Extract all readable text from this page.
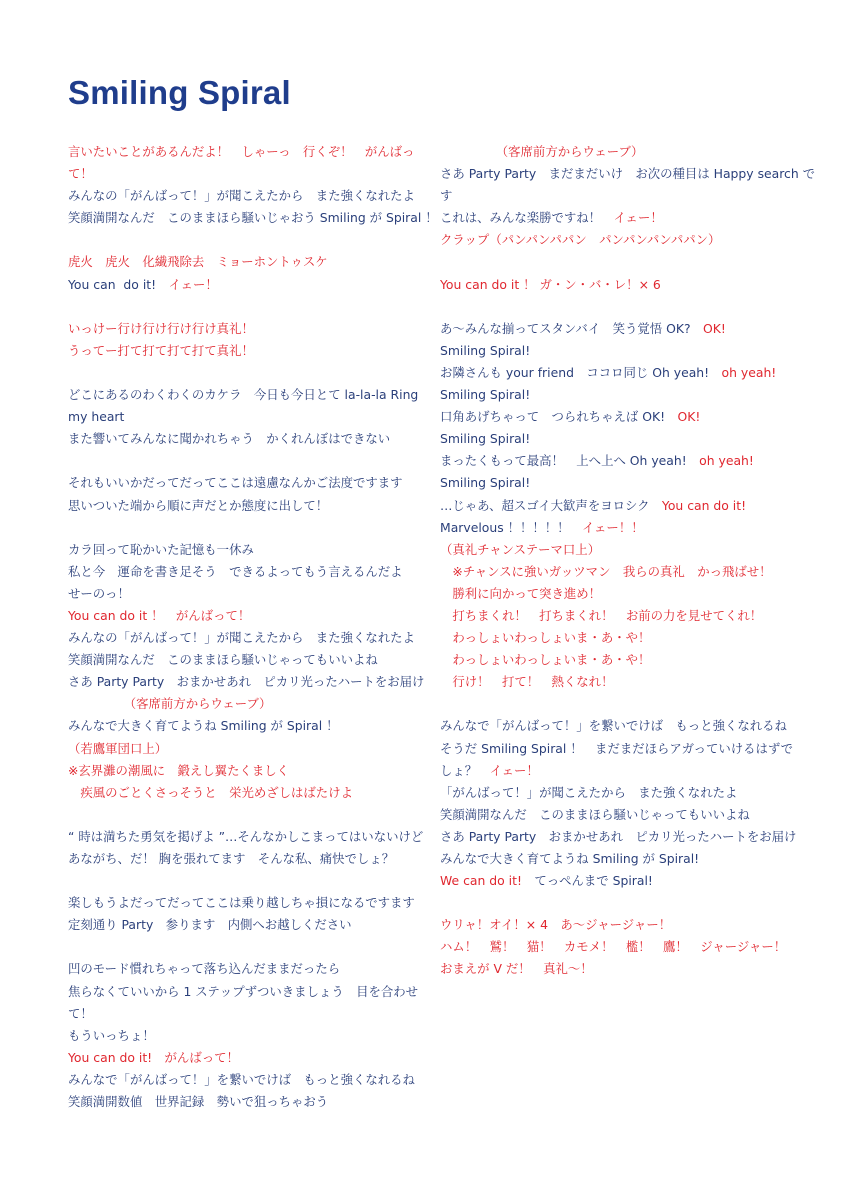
Smiling Spiral
言いたいことがあるんだよ！　しゃーっ　行くぞ！　がんばっ
て！
みんなの「がんばって！」が聞こえたから　また強くなれたよ
笑顔満開なんだ　このままほら騒いじゃおう Smiling が Spiral ！
虎火　虎火　化繊飛除去　ミョーホントゥスケ
You can  do it!　イェー！
いっけー行け行け行け行け真礼！
うってー打て打て打て打て真礼！
どこにあるのわくわくのカケラ　今日も今日とて la-la-la Ring
my heart
また響いてみんなに聞かれちゃう　かくれんぼはできない
それもいいかだってだってここは遠慮なんかご法度ですます
思いついた端から順に声だとか態度に出して！
カラ回って恥かいた記憶も一休み
私と今　運命を書き足そう　できるよってもう言えるんだよ
せーのっ！
You can do it ！　がんばって！
みんなの「がんばって！」が聞こえたから　また強くなれたよ
笑顔満開なんだ　このままほら騒いじゃってもいいよね
さあ Party Party　おまかせあれ　ピカリ光ったハートをお届け
　　　　　（客席前方からウェーブ）
みんなで大きく育てようね Smiling が Spiral ！
（若鷹軍団口上）
※玄界灘の潮風に　鍛えし翼たくましく
　疾風のごとくさっそうと　栄光めざしはばたけよ
“ 時は満ちた勇気を掲げよ ”…そんなかしこまってはいないけど
あながち、だ！ 胸を張れてます　そんな私、痛快でしょ？
楽しもうよだってだってここは乗り越しちゃ損になるですます
定刻通り Party　参ります　内側へお越しください
凹のモード慣れちゃって落ち込んだままだったら
焦らなくていいから 1 ステップずついきましょう　目を合わせ
て！
もういっちょ！
You can do it!　がんばって！
みんなで「がんばって！」を繋いでけば　もっと強くなれるね
笑顔満開数値　世界記録　勢いで狙っちゃおう
　　　　　（客席前方からウェーブ）
さあ Party Party　まだまだいけ　お次の種目は Happy search で
す
これは、みんな楽勝ですね！　イェー！
クラップ（パンパンパパン　パンパンパンパパン）
You can do it ！ ガ・ン・バ・レ！× 6
あ～みんな揃ってスタンバイ　笑う覚悟 OK?　OK!
Smiling Spiral!
お隣さんも your friend　ココロ同じ Oh yeah!　oh yeah!
Smiling Spiral!
口角あげちゃって　つられちゃえば OK!　OK!
Smiling Spiral!
まったくもって最高！　上へ上へ Oh yeah!　oh yeah!
Smiling Spiral!
…じゃあ、超スゴイ大歓声をヨロシク　You can do it!
Marvelous ！！！！！　イェー！！
（真礼チャンステーマ口上）
　※チャンスに強いガッツマン　我らの真礼　かっ飛ばせ！
　勝利に向かって突き進め！
　打ちまくれ！　打ちまくれ！　お前の力を見せてくれ！
　わっしょいわっしょいま・あ・や！
　わっしょいわっしょいま・あ・や！
　行け！　打て！　熱くなれ！
みんなで「がんばって！」を繋いでけば　もっと強くなれるね
そうだ Smiling Spiral ！　まだまだほらアガっていけるはずで
しょ？　イェー！
「がんばって！」が聞こえたから　また強くなれたよ
笑顔満開なんだ　このままほら騒いじゃってもいいよね
さあ Party Party　おまかせあれ　ピカリ光ったハートをお届け
みんなで大きく育てようね Smiling が Spiral!
We can do it!　てっぺんまで Spiral!
ウリャ！オイ！× 4　あ～ジャージャー！
ハム！　鷲！　猫！　カモメ！　檻！　鷹！　ジャージャー！
おまえが V だ！　真礼～！
